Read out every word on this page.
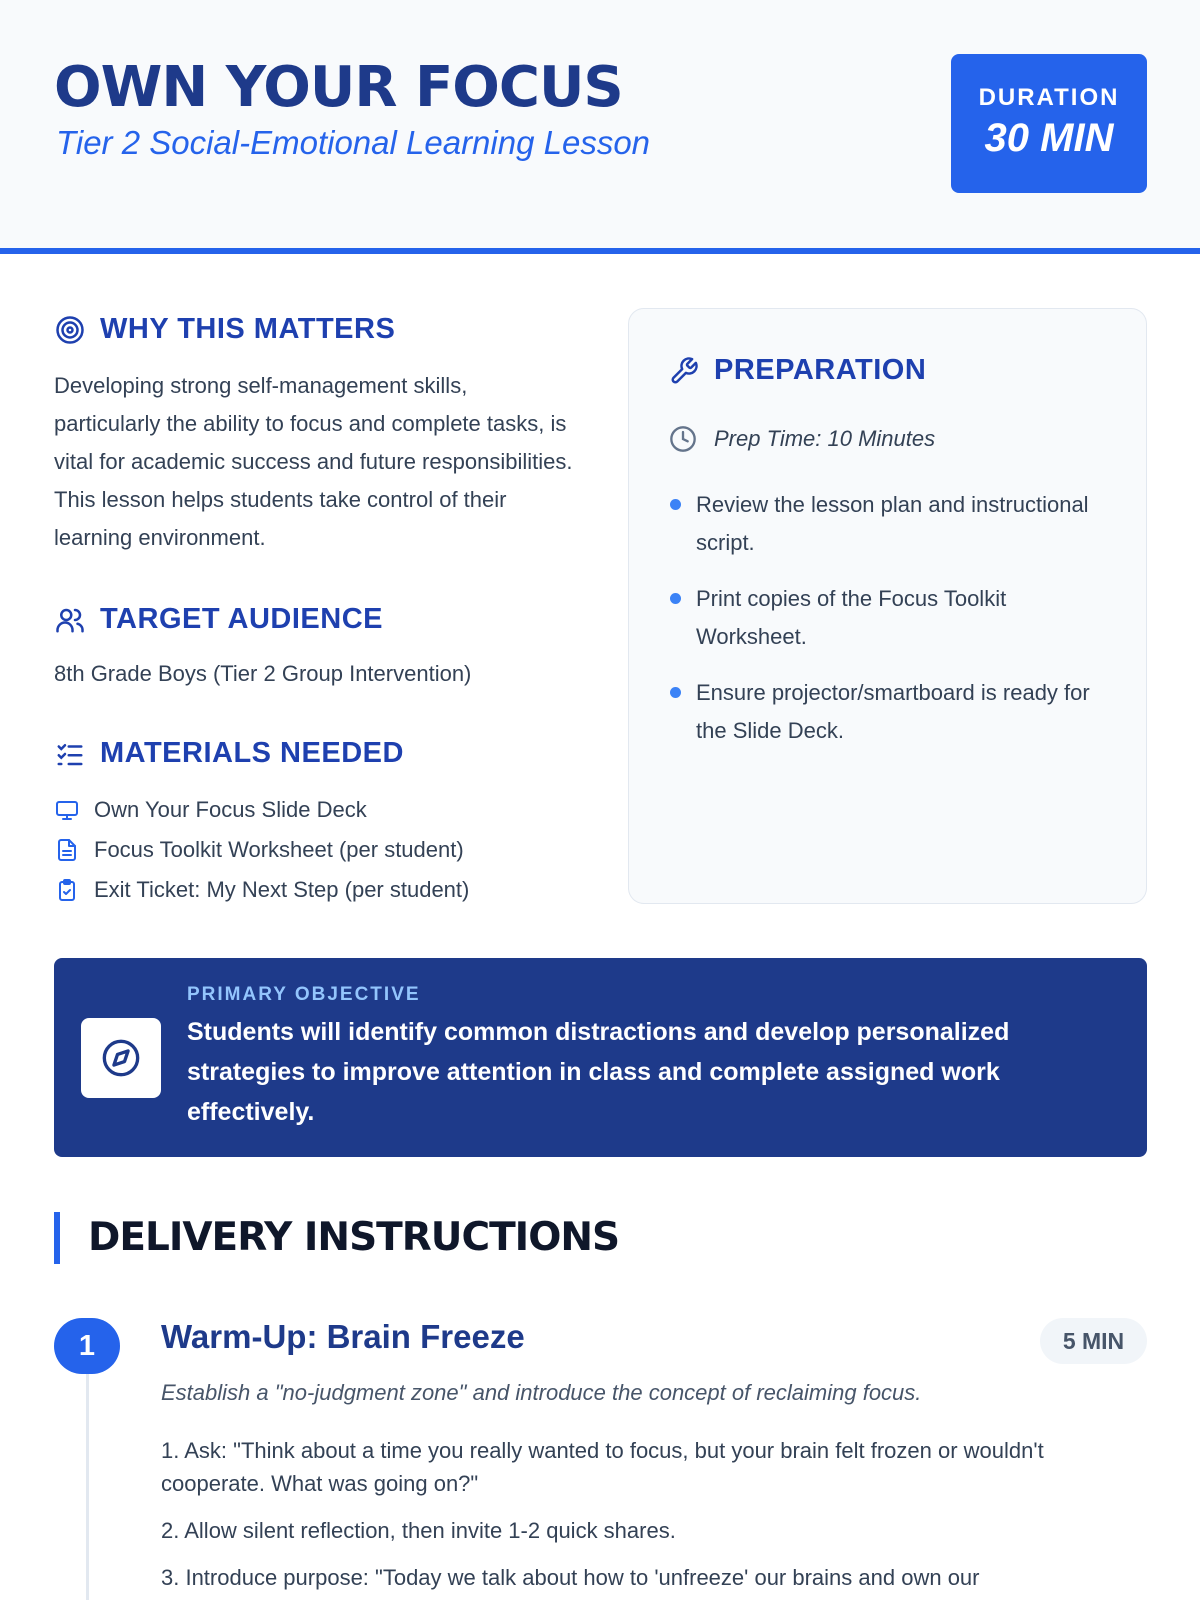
OWN YOUR FOCUS
Tier 2 Social-Emotional Learning Lesson
DURATION
30 MIN
WHY THIS MATTERS
Developing strong self-management skills, particularly the ability to focus and complete tasks, is vital for academic success and future responsibilities. This lesson helps students take control of their learning environment.
TARGET AUDIENCE
8th Grade Boys (Tier 2 Group Intervention)
MATERIALS NEEDED
Own Your Focus Slide Deck
Focus Toolkit Worksheet (per student)
Exit Ticket: My Next Step (per student)
PREPARATION
Prep Time: 10 Minutes
Review the lesson plan and instructional script.
Print copies of the Focus Toolkit Worksheet.
Ensure projector/smartboard is ready for the Slide Deck.
PRIMARY OBJECTIVE
Students will identify common distractions and develop personalized strategies to improve attention in class and complete assigned work effectively.
DELIVERY INSTRUCTIONS
1	Warm-Up: Brain Freeze	5 MIN
Establish a "no-judgment zone" and introduce the concept of reclaiming focus.
1. Ask: "Think about a time you really wanted to focus, but your brain felt frozen or wouldn't cooperate. What was going on?"
2. Allow silent reflection, then invite 1-2 quick shares.
3. Introduce purpose: "Today we talk about how to 'unfreeze' our brains and own our
